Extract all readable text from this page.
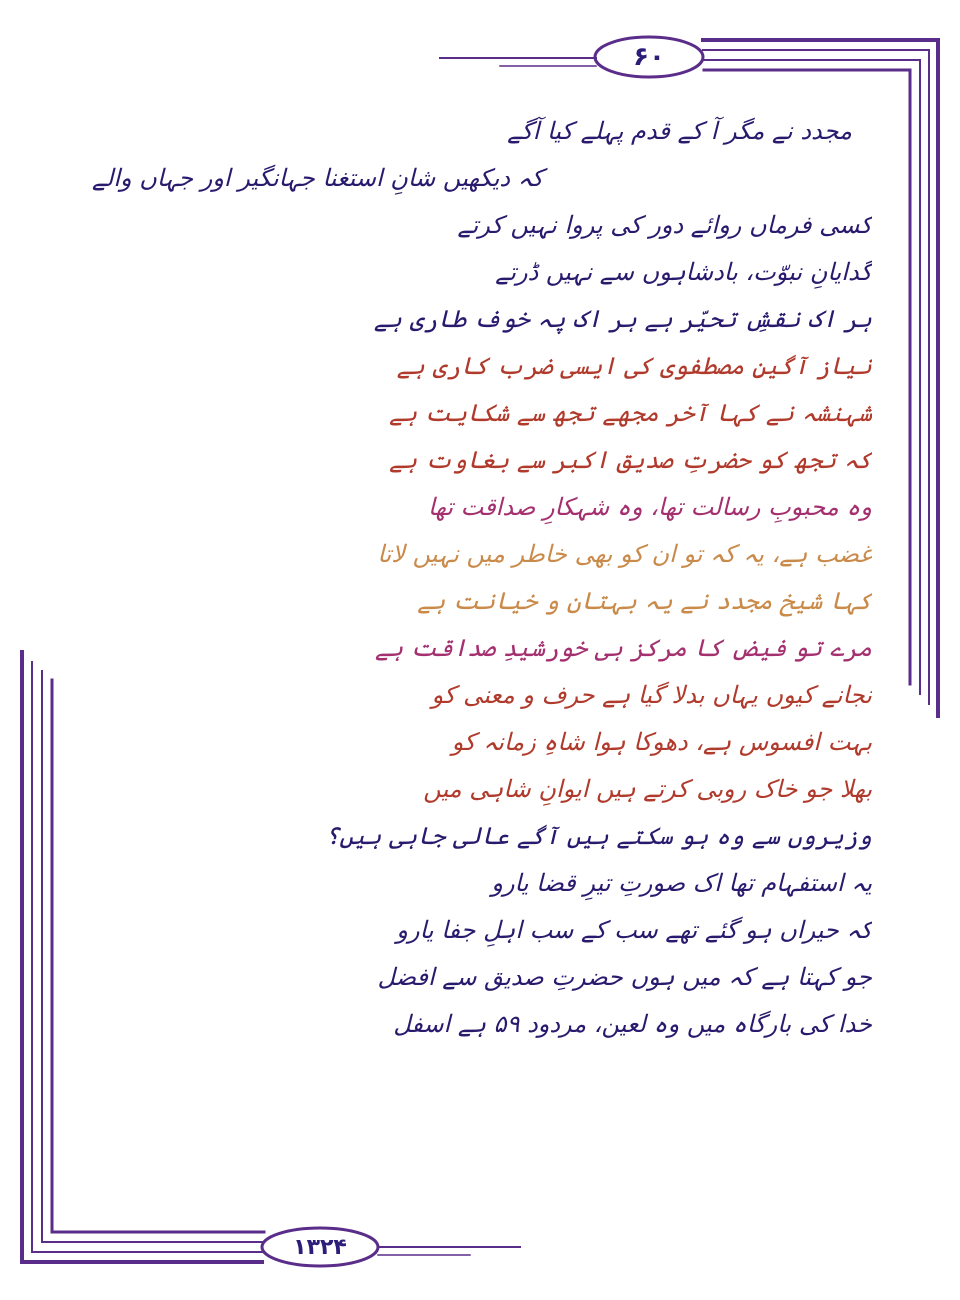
۶۰
۱۳۲۴
مجدد نے مگر آ کے قدم پہلے کیا آگے
کہ دیکھیں شانِ استغنا جہانگیر اور جہاں والے
کسی فرماں روائے دور کی پروا نہیں کرتے
گدایانِ نبوّت، بادشاہوں سے نہیں ڈرتے
ہر اک نقشِ تحیّر ہے ہر اک پہ خوف طاری ہے
نیاز آگینِ مصطفوی کی ایسی ضرب کاری ہے
شہنشہ نے کہا آخر مجھے تجھ سے شکایت ہے
کہ تجھ کو حضرتِ صدیق اکبر سے بغاوت ہے
وہ محبوبِ رسالت تھا، وہ شہکارِ صداقت تھا
غضب ہے، یہ کہ تو ان کو بھی خاطر میں نہیں لاتا
کہا شیخ مجدد نے یہ بہتان و خیانت ہے
مرے تو فیض کا مرکز ہی خورشیدِ صداقت ہے
نجانے کیوں یہاں بدلا گیا ہے حرف و معنی کو
بہت افسوس ہے، دھوکا ہوا شاہِ زمانہ کو
بھلا جو خاک روبی کرتے ہیں ایوانِ شاہی میں
وزیروں سے وہ ہو سکتے ہیں آگے عالی جاہی ہیں؟
یہ استفہام تھا اک صورتِ تیرِ قضا یارو
کہ حیراں ہو گئے تھے سب کے سب اہلِ جفا یارو
جو کہتا ہے کہ میں ہوں حضرتِ صدیق سے افضل
خدا کی بارگاہ میں وہ لعین، مردود ۵۹ ہے اسفل
